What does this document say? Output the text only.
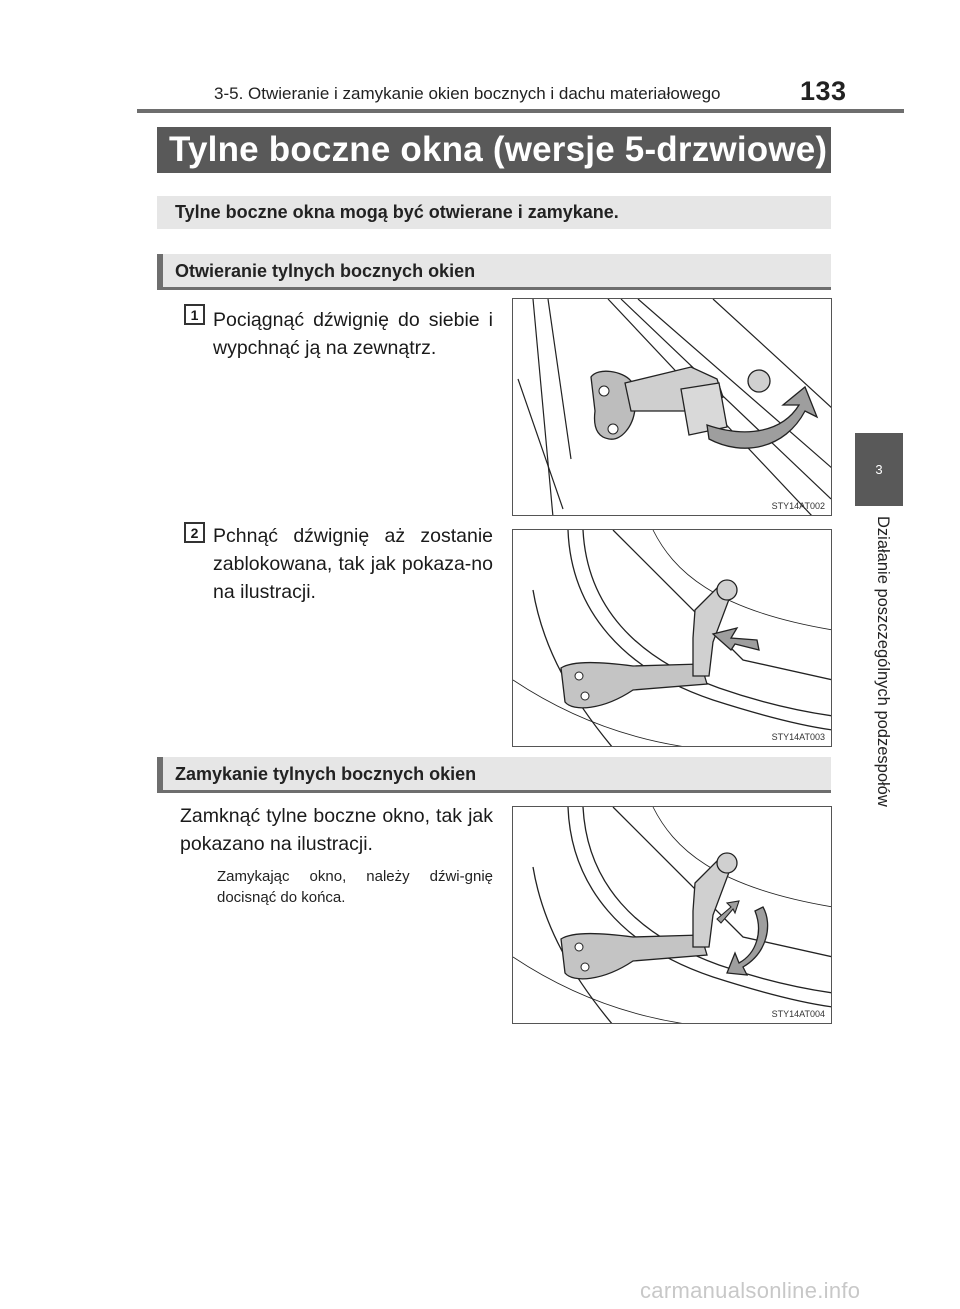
3-5. Otwieranie i zamykanie okien bocznych i dachu materiałowego	133
3
Działanie poszczególnych podzespołów
Tylne boczne okna (wersje 5-drzwiowe)
Tylne boczne okna mogą być otwierane i zamykane.
Otwieranie tylnych bocznych okien
1 Pociągnąć dźwignię do siebie i wypchnąć ją na zewnątrz.
STY14AT002
2 Pchnąć dźwignię aż zostanie zablokowana, tak jak pokaza-no na ilustracji.
STY14AT003
Zamykanie tylnych bocznych okien
Zamknąć tylne boczne okno, tak jak pokazano na ilustracji.
Zamykając okno, należy dźwi-gnię docisnąć do końca.
STY14AT004
carmanualsonline.info
